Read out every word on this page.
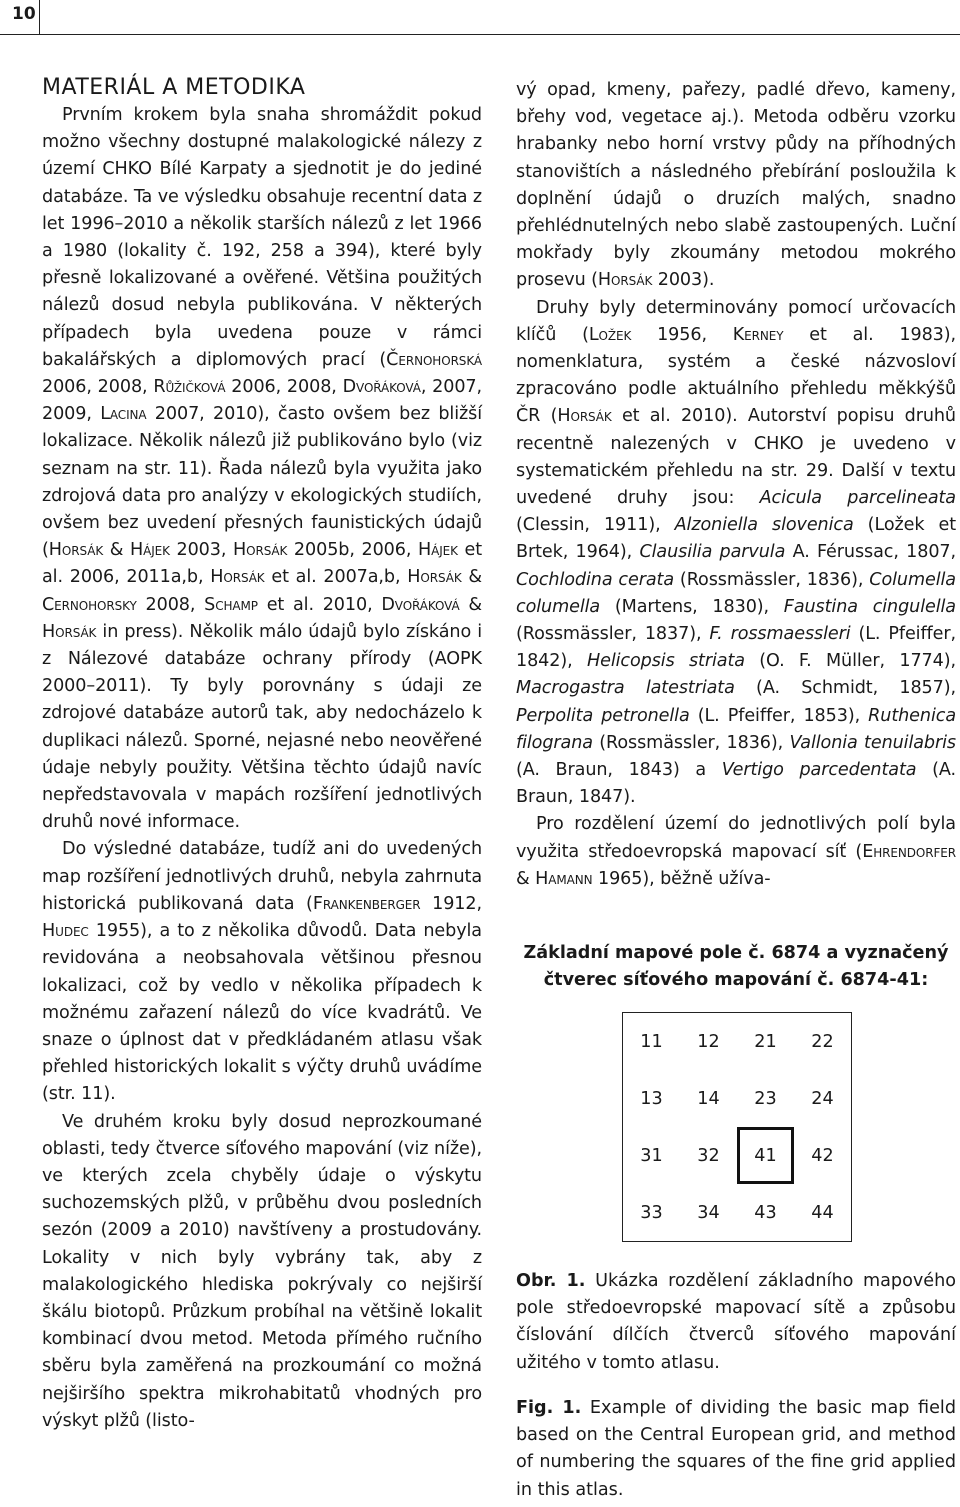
10
MATERIÁL A METODIKA

Prvním krokem byla snaha shromáždit pokud možno všechny dostupné malakologické nálezy z území CHKO Bílé Karpaty a sjednotit je do jediné databáze. Ta ve výsledku obsahuje recentní data z let 1996–2010 a několik starších nálezů z let 1966 a 1980 (lokality č. 192, 258 a 394), které byly přesně lokalizované a ověřené. Většina použitých nálezů dosud nebyla publikována. V některých případech byla uvedena pouze v rámci bakalářských a diplomových prací (Černohorská 2006, 2008, Růžičková 2006, 2008, Dvořáková, 2007, 2009, Lacina 2007, 2010), často ovšem bez bližší lokalizace. Několik nálezů již publikováno bylo (viz seznam na str. 11). Řada nálezů byla využita jako zdrojová data pro analýzy v ekologických studiích, ovšem bez uvedení přesných faunistických údajů (Horsák & Hájek 2003, Horsák 2005b, 2006, Hájek et al. 2006, 2011a,b, Horsák et al. 2007a,b, Horsák & Cernohorsky 2008, Schamp et al. 2010, Dvořáková & Horsák in press). Několik málo údajů bylo získáno i z Nálezové databáze ochrany přírody (AOPK 2000–2011). Ty byly porovnány s údaji ze zdrojové databáze autorů tak, aby nedocházelo k duplikaci nálezů. Sporné, nejasné nebo neověřené údaje nebyly použity. Většina těchto údajů navíc nepředstavovala v mapách rozšíření jednotlivých druhů nové informace.

Do výsledné databáze, tudíž ani do uvedených map rozšíření jednotlivých druhů, nebyla zahrnuta historická publikovaná data (Frankenberger 1912, Hudec 1955), a to z několika důvodů. Data nebyla revidována a neobsahovala většinou přesnou lokalizaci, což by vedlo v několika případech k možnému zařazení nálezů do více kvadrátů. Ve snaze o úplnost dat v předkládaném atlasu však přehled historických lokalit s výčty druhů uvádíme (str. 11).

Ve druhém kroku byly dosud neprozkoumané oblasti, tedy čtverce síťového mapování (viz níže), ve kterých zcela chyběly údaje o výskytu suchozemských plžů, v průběhu dvou posledních sezón (2009 a 2010) navštíveny a prostudovány. Lokality v nich byly vybrány tak, aby z malakologického hlediska pokrývaly co nejširší škálu biotopů. Průzkum probíhal na většině lokalit kombinací dvou metod. Metoda přímého ručního sběru byla zaměřená na prozkoumání co možná nejširšího spektra mikrohabitatů vhodných pro výskyt plžů (listo-

vý opad, kmeny, pařezy, padlé dřevo, kameny, břehy vod, vegetace aj.). Metoda odběru vzorku hrabanky nebo horní vrstvy půdy na příhodných stanovištích a následného přebírání posloužila k doplnění údajů o druzích malých, snadno přehlédnutelných nebo slabě zastoupených. Luční mokřady byly zkoumány metodou mokrého prosevu (Horsák 2003).

Druhy byly determinovány pomocí určovacích klíčů (Ložek 1956, Kerney et al. 1983), nomenklatura, systém a české názvosloví zpracováno podle aktuálního přehledu měkkýšů ČR (Horsák et al. 2010). Autorství popisu druhů recentně nalezených v CHKO je uvedeno v systematickém přehledu na str. 29. Další v textu uvedené druhy jsou: Acicula parcelineata (Clessin, 1911), Alzoniella slovenica (Ložek et Brtek, 1964), Clausilia parvula A. Férussac, 1807, Cochlodina cerata (Rossmässler, 1836), Columella columella (Martens, 1830), Faustina cingulella (Rossmässler, 1837), F. rossmaessleri (L. Pfeiffer, 1842), Helicopsis striata (O. F. Müller, 1774), Macrogastra latestriata (A. Schmidt, 1857), Perpolita petronella (L. Pfeiffer, 1853), Ruthenica filograna (Rossmässler, 1836), Vallonia tenuilabris (A. Braun, 1843) a Vertigo parcedentata (A. Braun, 1847).

Pro rozdělení území do jednotlivých polí byla využita středoevropská mapovací síť (Ehrendorfer & Hamann 1965), běžně užíva-

Základní mapové pole č. 6874 a vyznačený čtverec síťového mapování č. 6874-41:
11	12	21	22
13	14	23	24
31	32	41	42
33	34	43	44
Obr. 1. Ukázka rozdělení základního mapového pole středoevropské mapovací sítě a způsobu číslování dílčích čtverců síťového mapování užitého v tomto atlasu.
Fig. 1. Example of dividing the basic map field based on the Central European grid, and method of numbering the squares of the fine grid applied in this atlas.
